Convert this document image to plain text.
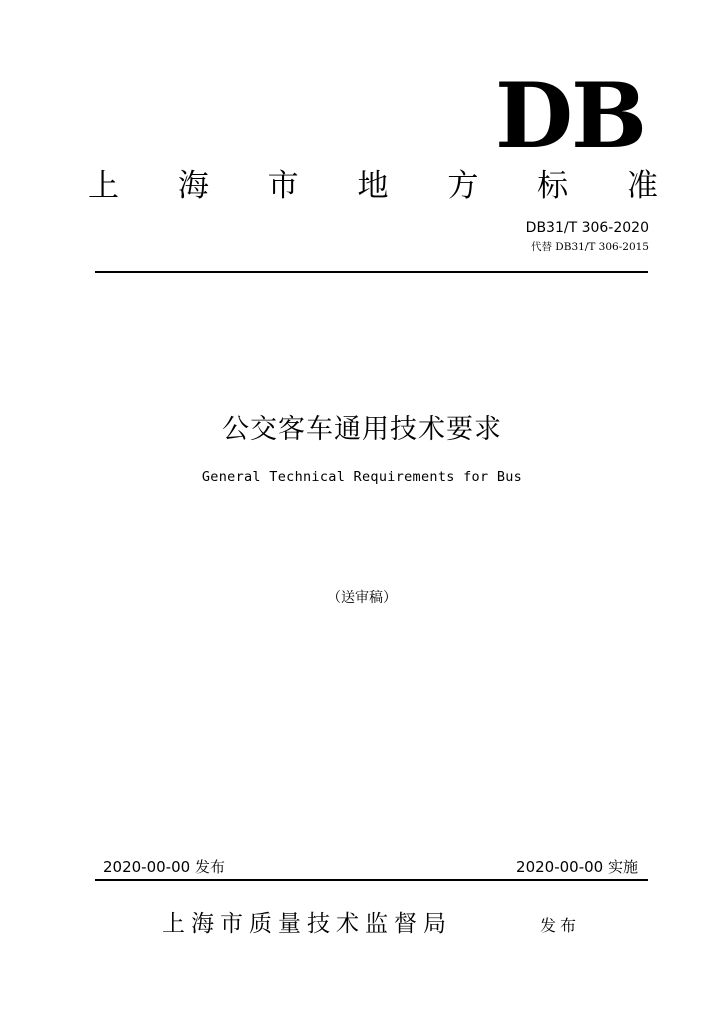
DB
上 海 市 地 方 标 准
DB31/T 306-2020
代替 DB31/T 306-2015
公交客车通用技术要求
General Technical Requirements for Bus
（送审稿）
2020-00-00 发布	2020-00-00 实施
上海市质量技术监督局	发布
